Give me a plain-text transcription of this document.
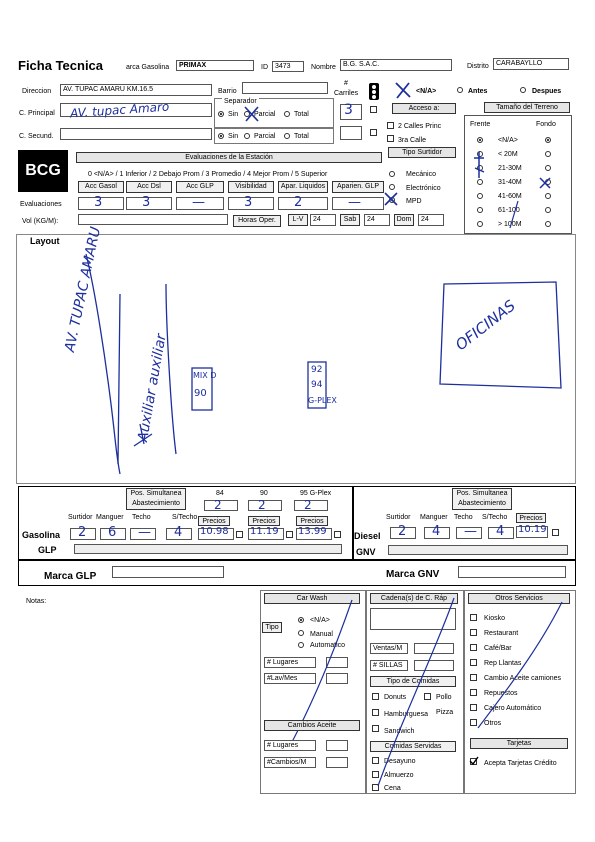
Ficha Tecnica	arca Gasolina	PRIMAX	ID	3473	Nombre	B.G. S.A.C.	Distrito	CARABAYLLO
Direccion	AV. TUPAC AMARU KM.16.5	Barrio
C. Principal AV. tupac Amaro
C. Secund.
Separador
Sin Parcial	Total
Sin Parcial	Total
#
Carriles
3
<N/A>	Antes	Despues
Acceso a:
2 Calles Princ
3ra Calle
Tamaño del Terreno
Frente	Fondo
<N/A>
< 20M
21-30M
31-40M
41-60M
61-100
> 100M
Tipo Surtidor
Mecánico
Electrónico
MPD
BCG
Evaluaciones de la Estación
0 <N/A> / 1 Inferior / 2 Debajo Prom / 3 Promedio / 4 Mejor Prom / 5 Superior
Acc Gasol
3
Acc Dsl
3
Acc GLP
—
Visibilidad
3
Apar. Liquidos
2
Aparien. GLP
—
Evaluaciones
Vol (KG/M):	Horas Oper.	L-V	24	Sab	24	Dom	24
Layout AV. TUPAC AMARU
Auxiliar auxiliar
OFICINAS
MIX D
90
92
94
G-PLEX
Pos. Simultanea Abastecimiento
84	90	95 G-Plex
2	2	2
Surtidor Manguer Techo	S/Techo
Precios	Precios	Precios
Gasolina 2 6 — 4 10.98 11.19 13.99
GLP
Pos. Simultanea Abastecimiento
Surtidor Manguer Techo S/Techo	Precios
Diesel 2 4 — 4 10.19
GNV
Marca GLP	Marca GNV
Notas:	Car Wash
Tipo
<N/A>
Manual
Automatico
# Lugares
#Lav/Mes
Cambios Aceite
# Lugares
#Cambios/M
Cadena(s) de C. Ráp
Ventas/M
# SILLAS
Tipo de Comidas
Donuts	Pollo
Hamburguesa Pizza
Sandwich
Comidas Servidas
Desayuno
Almuerzo
Cena
Otros Servicios
Kiosko
Restaurant
Café/Bar
Rep Llantas
Cambio Aceite camiones
Repuestos
Cajero Automático
Otros
Tarjetas
Acepta Tarjetas Crédito
